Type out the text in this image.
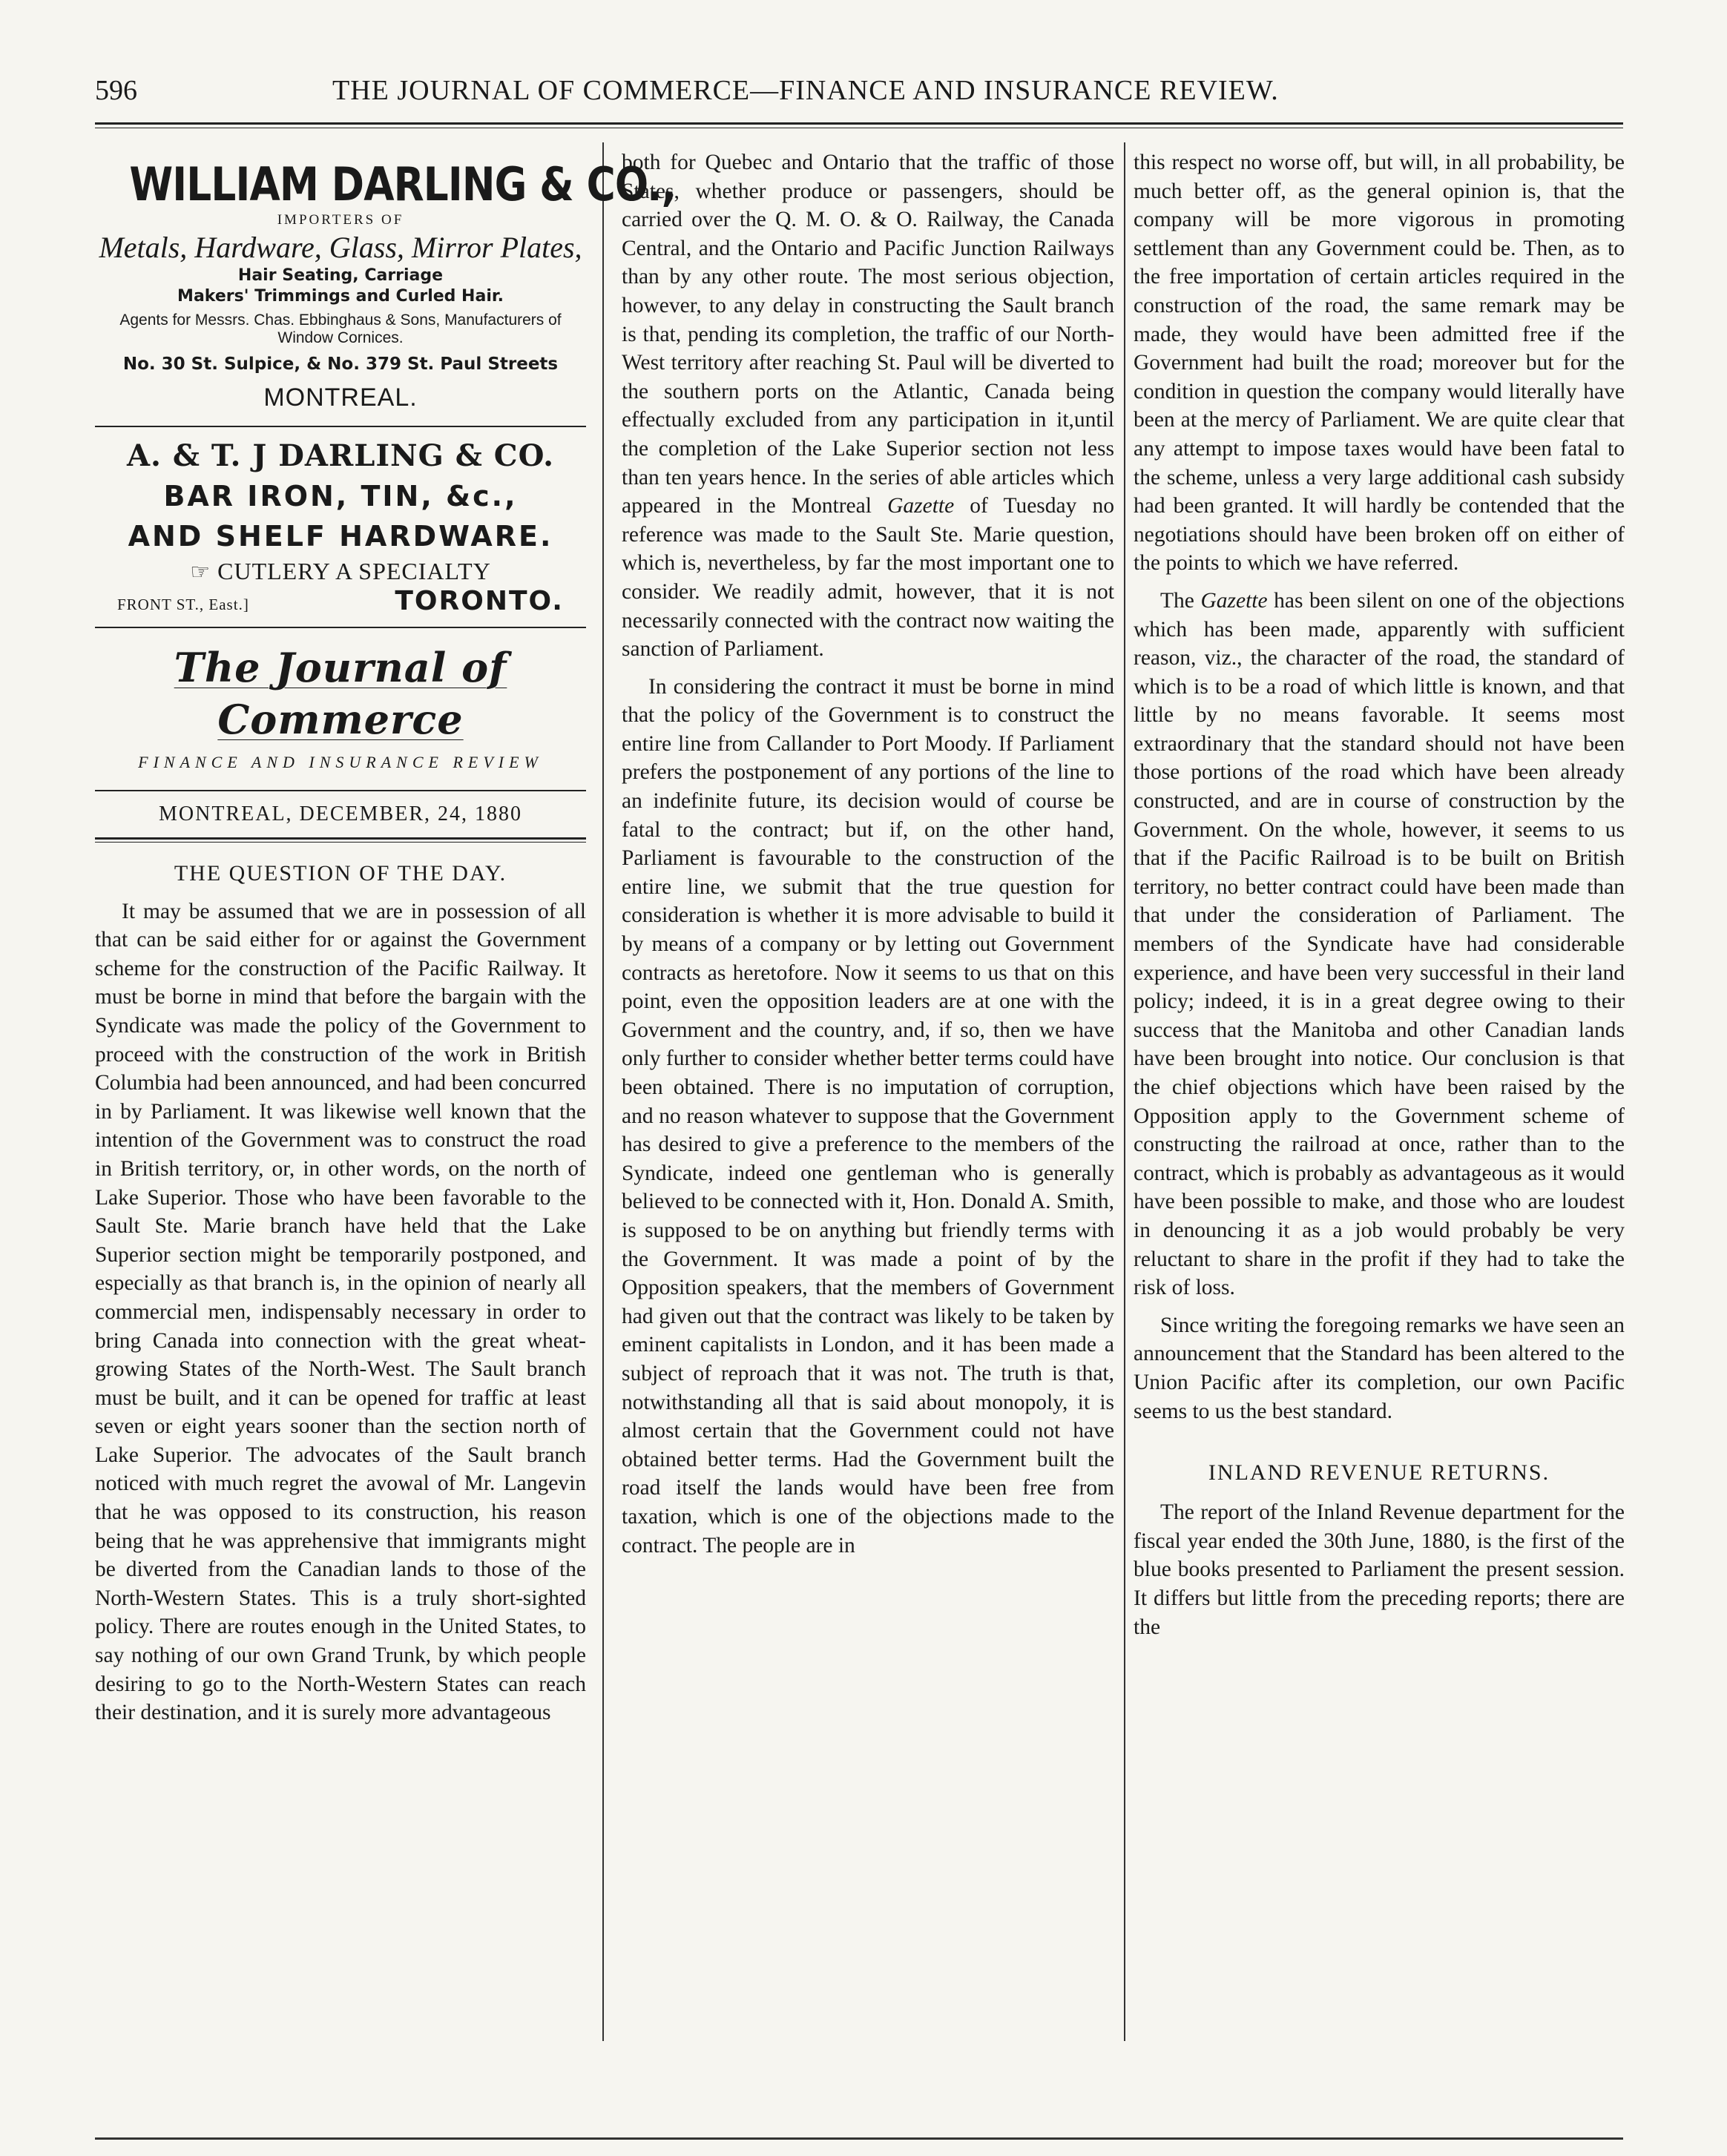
596	THE JOURNAL OF COMMERCE—FINANCE AND INSURANCE REVIEW.
WILLIAM DARLING & CO.,
IMPORTERS OF
Metals, Hardware, Glass, Mirror Plates,
Hair Seating, Carriage
Makers' Trimmings and Curled Hair.
Agents for Messrs. Chas. Ebbinghaus & Sons, Manufacturers of Window Cornices.
No. 30 St. Sulpice, & No. 379 St. Paul Streets
MONTREAL.
A. & T. J DARLING & CO.
BAR IRON, TIN, &c.,
AND SHELF HARDWARE.
☞ CUTLERY A SPECIALTY
FRONT ST., East.]	TORONTO.
The Journal of Commerce
FINANCE AND INSURANCE REVIEW
MONTREAL, DECEMBER, 24, 1880
THE QUESTION OF THE DAY.

It may be assumed that we are in possession of all that can be said either for or against the Government scheme for the construction of the Pacific Railway. It must be borne in mind that before the bargain with the Syndicate was made the policy of the Government to proceed with the construction of the work in British Columbia had been announced, and had been concurred in by Parliament. It was likewise well known that the intention of the Government was to construct the road in British territory, or, in other words, on the north of Lake Superior. Those who have been favorable to the Sault Ste. Marie branch have held that the Lake Superior section might be temporarily postponed, and especially as that branch is, in the opinion of nearly all commercial men, indispensably necessary in order to bring Canada into connection with the great wheat-growing States of the North-West. The Sault branch must be built, and it can be opened for traffic at least seven or eight years sooner than the section north of Lake Superior. The advocates of the Sault branch noticed with much regret the avowal of Mr. Langevin that he was opposed to its construction, his reason being that he was apprehensive that immigrants might be diverted from the Canadian lands to those of the North-Western States. This is a truly short-sighted policy. There are routes enough in the United States, to say nothing of our own Grand Trunk, by which people desiring to go to the North-Western States can reach their destination, and it is surely more advantageous

both for Quebec and Ontario that the traffic of those States, whether produce or passengers, should be carried over the Q. M. O. & O. Railway, the Canada Central, and the Ontario and Pacific Junction Railways than by any other route. The most serious objection, however, to any delay in constructing the Sault branch is that, pending its completion, the traffic of our North-West territory after reaching St. Paul will be diverted to the southern ports on the Atlantic, Canada being effectually excluded from any participation in it,until the completion of the Lake Superior section not less than ten years hence. In the series of able articles which appeared in the Montreal Gazette of Tuesday no reference was made to the Sault Ste. Marie question, which is, nevertheless, by far the most important one to consider. We readily admit, however, that it is not necessarily connected with the contract now waiting the sanction of Parliament.

In considering the contract it must be borne in mind that the policy of the Government is to construct the entire line from Callander to Port Moody. If Parliament prefers the postponement of any portions of the line to an indefinite future, its decision would of course be fatal to the contract; but if, on the other hand, Parliament is favourable to the construction of the entire line, we submit that the true question for consideration is whether it is more advisable to build it by means of a company or by letting out Government contracts as heretofore. Now it seems to us that on this point, even the opposition leaders are at one with the Government and the country, and, if so, then we have only further to consider whether better terms could have been obtained. There is no imputation of corruption, and no reason whatever to suppose that the Government has desired to give a preference to the members of the Syndicate, indeed one gentleman who is generally believed to be connected with it, Hon. Donald A. Smith, is supposed to be on anything but friendly terms with the Government. It was made a point of by the Opposition speakers, that the members of Government had given out that the contract was likely to be taken by eminent capitalists in London, and it has been made a subject of reproach that it was not. The truth is that, notwithstanding all that is said about monopoly, it is almost certain that the Government could not have obtained better terms. Had the Government built the road itself the lands would have been free from taxation, which is one of the objections made to the contract. The people are in

this respect no worse off, but will, in all probability, be much better off, as the general opinion is, that the company will be more vigorous in promoting settlement than any Government could be. Then, as to the free importation of certain articles required in the construction of the road, the same remark may be made, they would have been admitted free if the Government had built the road; moreover but for the condition in question the company would literally have been at the mercy of Parliament. We are quite clear that any attempt to impose taxes would have been fatal to the scheme, unless a very large additional cash subsidy had been granted. It will hardly be contended that the negotiations should have been broken off on either of the points to which we have referred.

The Gazette has been silent on one of the objections which has been made, apparently with sufficient reason, viz., the character of the road, the standard of which is to be a road of which little is known, and that little by no means favorable. It seems most extraordinary that the standard should not have been those portions of the road which have been already constructed, and are in course of construction by the Government. On the whole, however, it seems to us that if the Pacific Railroad is to be built on British territory, no better contract could have been made than that under the consideration of Parliament. The members of the Syndicate have had considerable experience, and have been very successful in their land policy; indeed, it is in a great degree owing to their success that the Manitoba and other Canadian lands have been brought into notice. Our conclusion is that the chief objections which have been raised by the Opposition apply to the Government scheme of constructing the railroad at once, rather than to the contract, which is probably as advantageous as it would have been possible to make, and those who are loudest in denouncing it as a job would probably be very reluctant to share in the profit if they had to take the risk of loss.

Since writing the foregoing remarks we have seen an announcement that the Standard has been altered to the Union Pacific after its completion, our own Pacific seems to us the best standard.

INLAND REVENUE RETURNS.

The report of the Inland Revenue department for the fiscal year ended the 30th June, 1880, is the first of the blue books presented to Parliament the present session. It differs but little from the preceding reports; there are the
